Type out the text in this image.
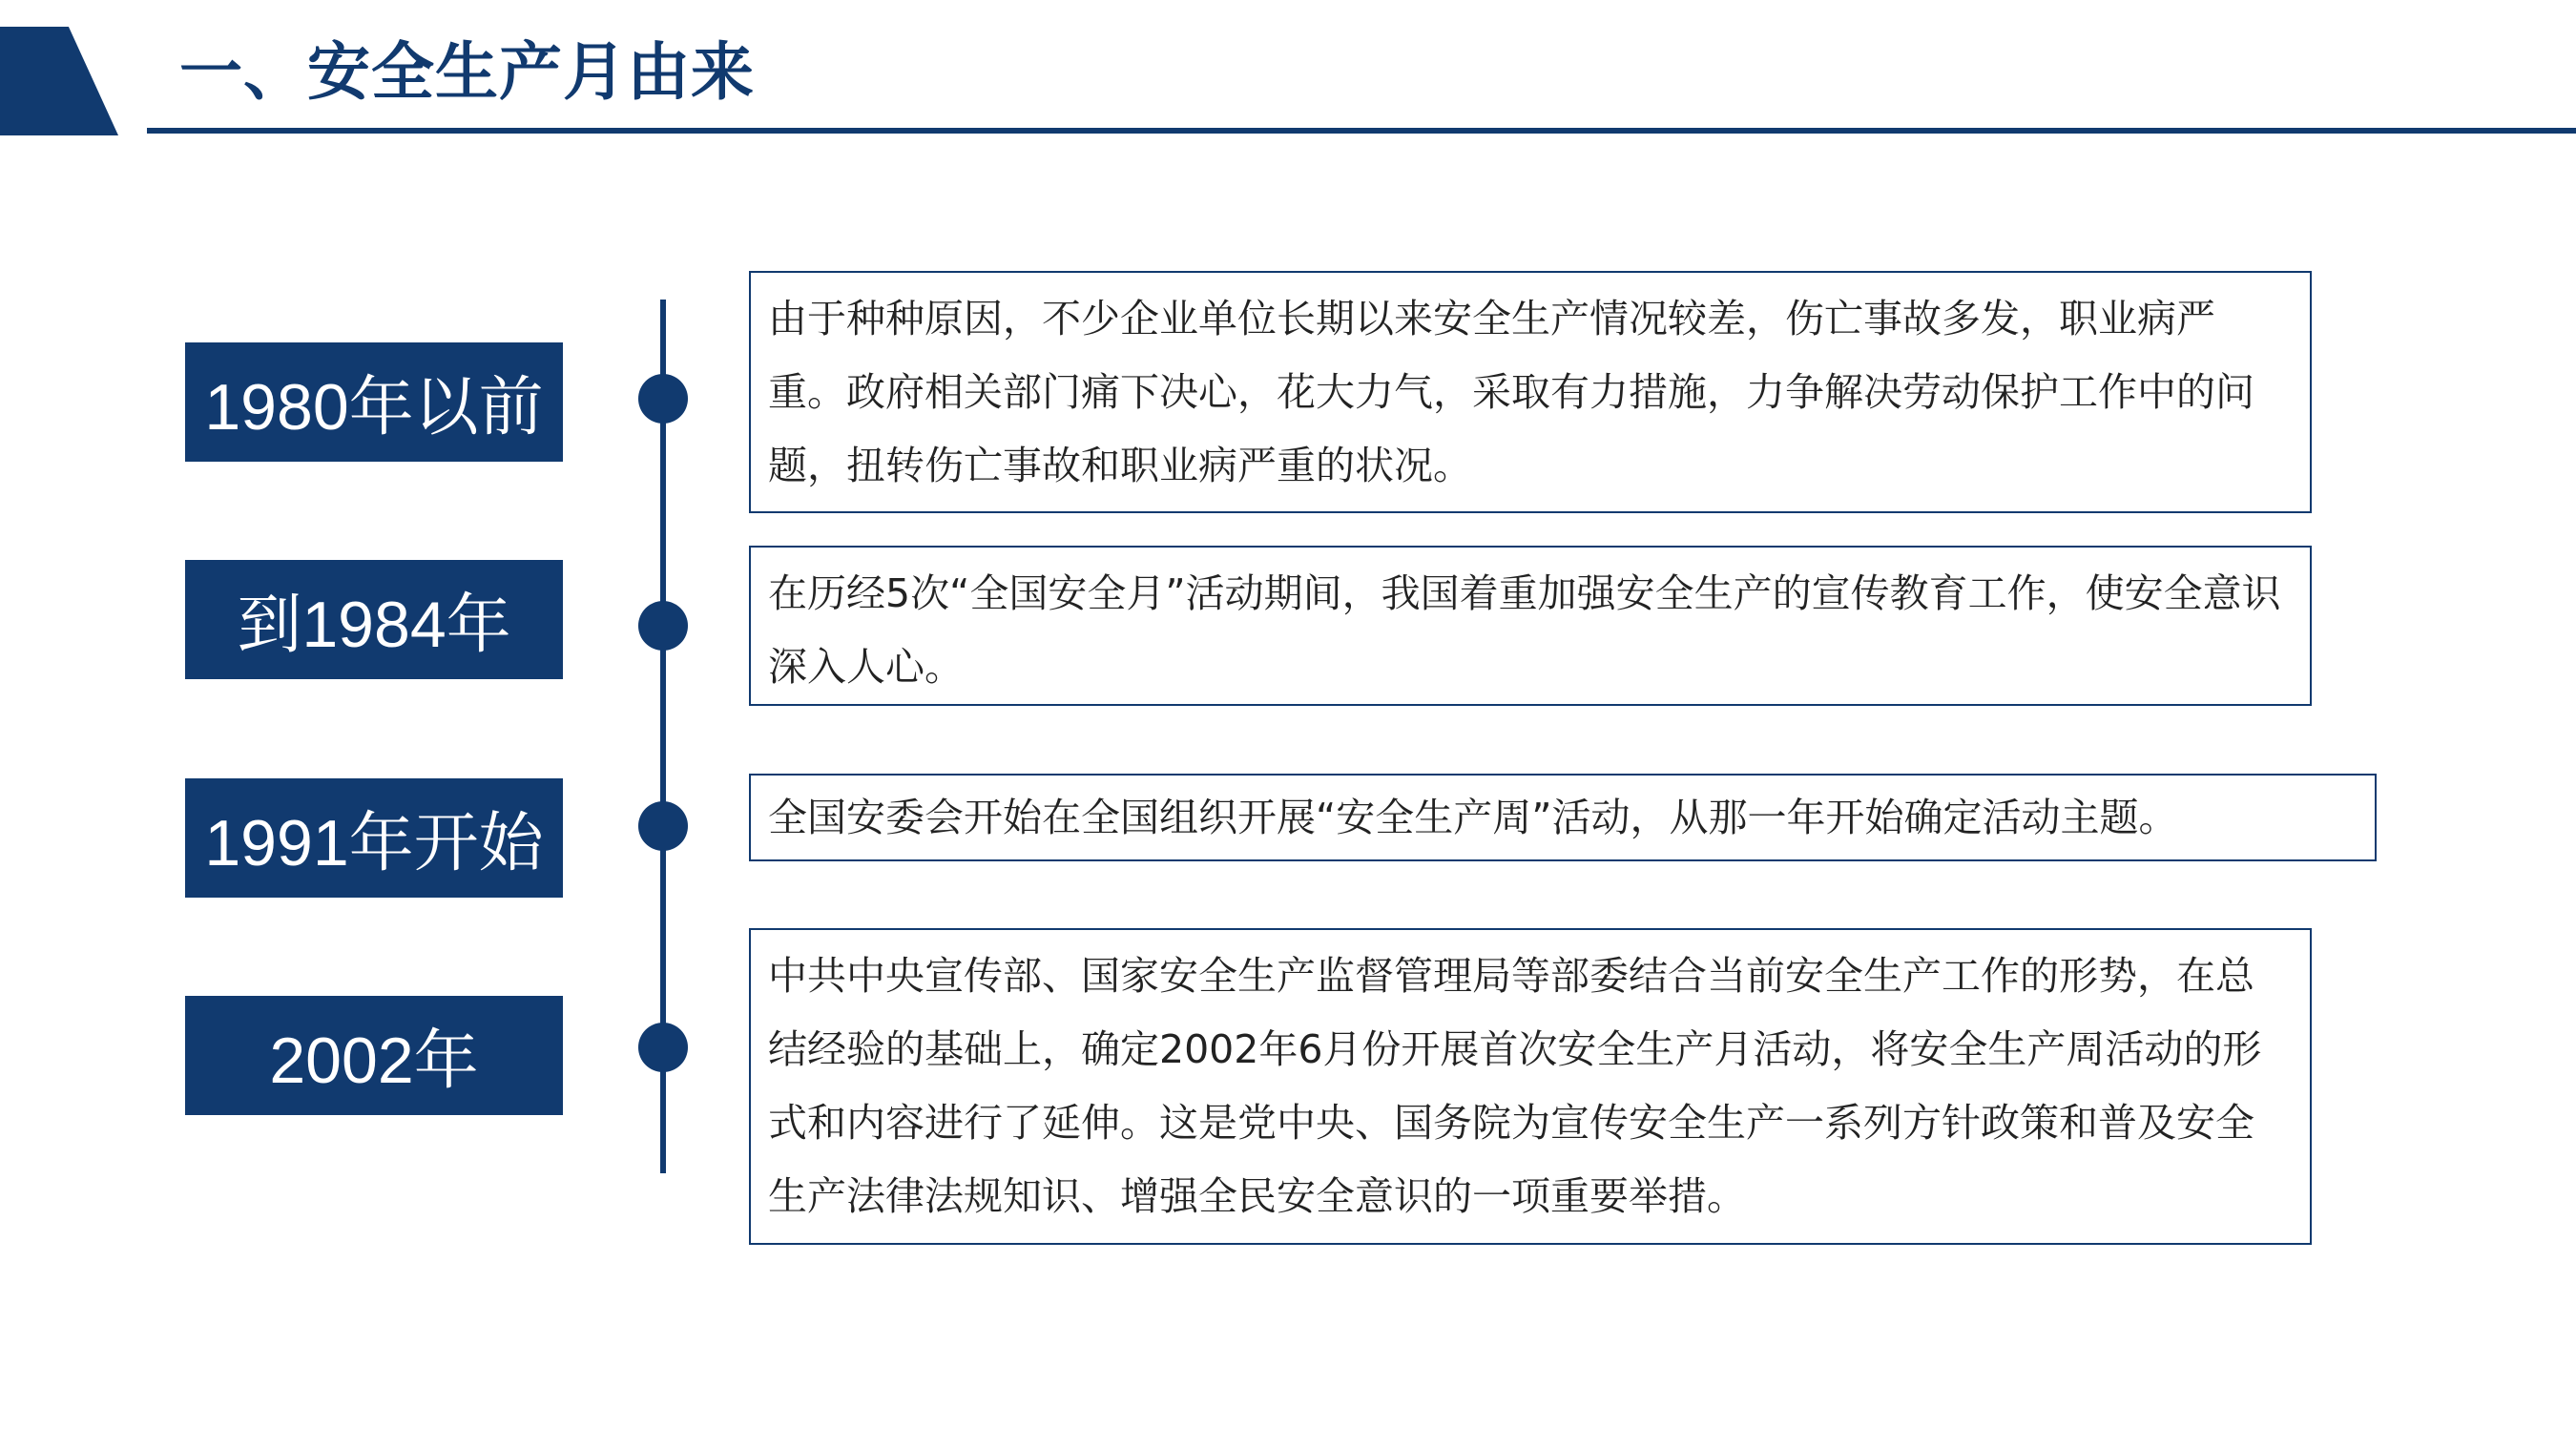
一、安全生产月由来
1980年以前
到1984年
1991年开始
2002年
由于种种原因，不少企业单位长期以来安全生产情况较差，伤亡事故多发，职业病严重。政府相关部门痛下决心，花大力气，采取有力措施，力争解决劳动保护工作中的问题，扭转伤亡事故和职业病严重的状况。
在历经5次“全国安全月”活动期间，我国着重加强安全生产的宣传教育工作，使安全意识深入人心。
全国安委会开始在全国组织开展“安全生产周”活动，从那一年开始确定活动主题。
中共中央宣传部、国家安全生产监督管理局等部委结合当前安全生产工作的形势，在总结经验的基础上，确定2002年6月份开展首次安全生产月活动，将安全生产周活动的形式和内容进行了延伸。这是党中央、国务院为宣传安全生产一系列方针政策和普及安全生产法律法规知识、增强全民安全意识的一项重要举措。
